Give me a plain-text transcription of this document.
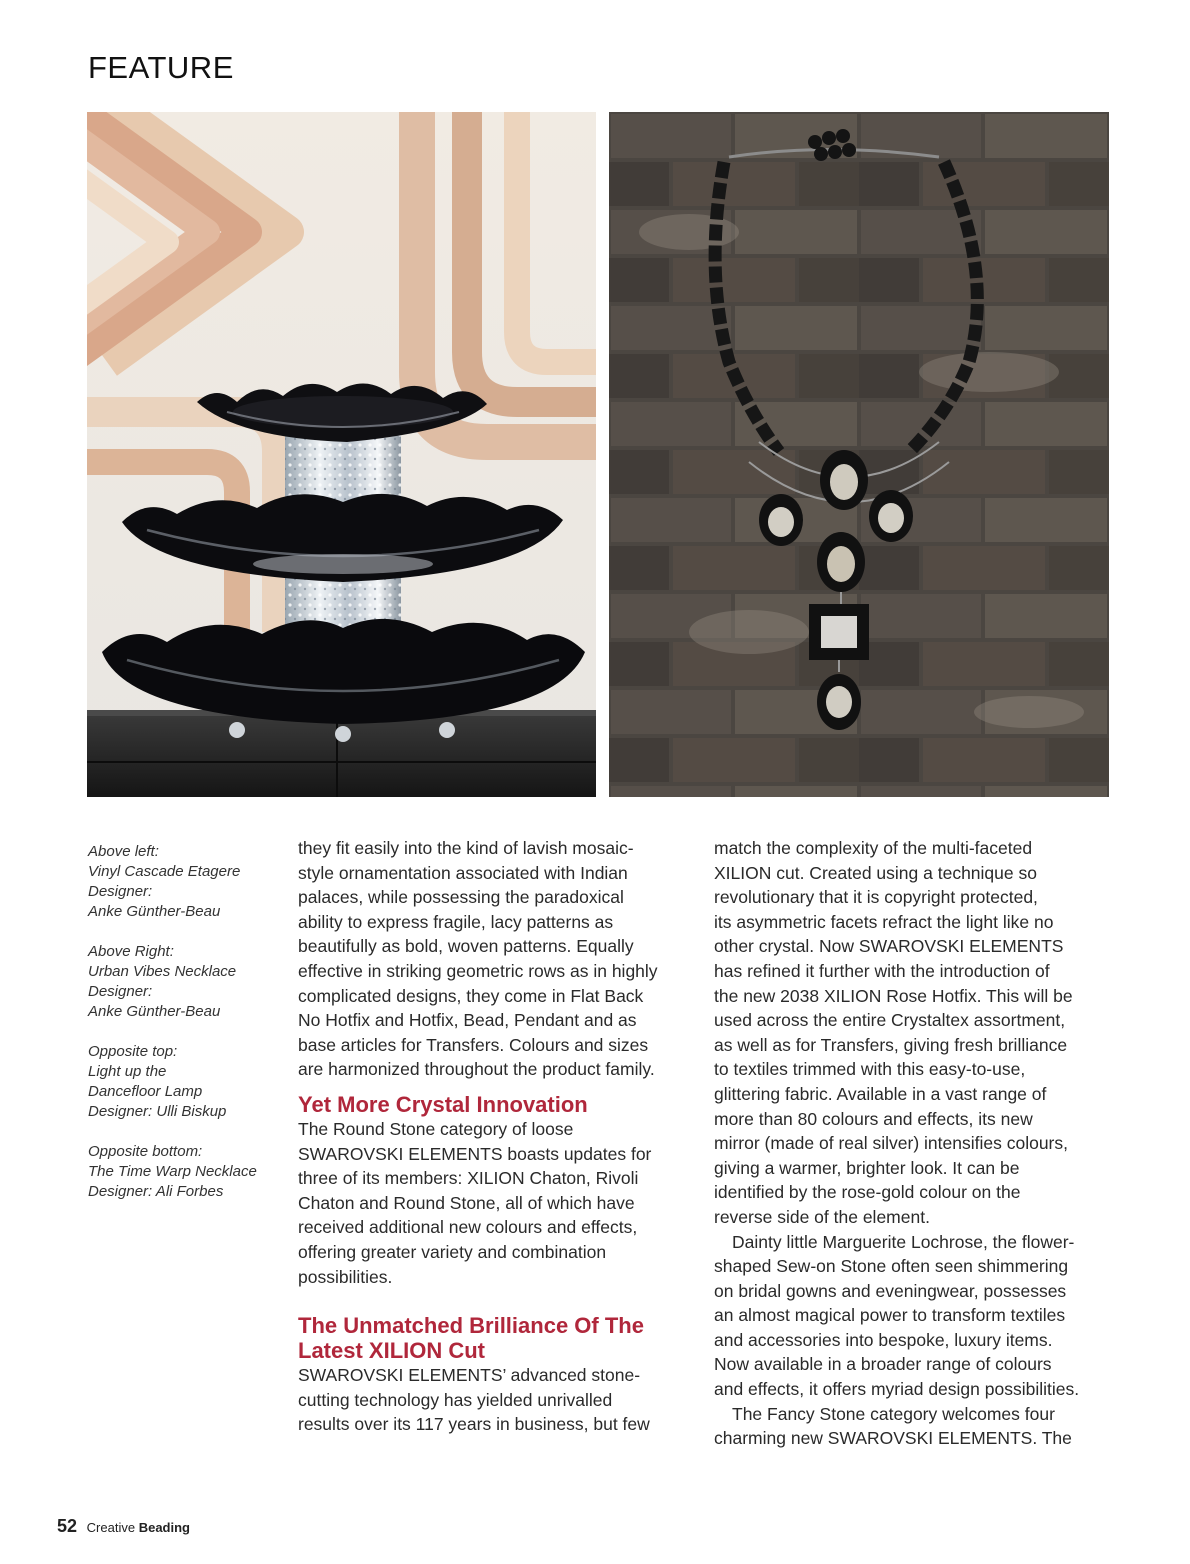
FEATURE
Above left:
Vinyl Cascade Etagere
Designer:
Anke Günther-Beau
Above Right:
Urban Vibes Necklace
Designer:
Anke Günther-Beau
Opposite top:
Light up the
Dancefloor Lamp
Designer: Ulli Biskup
Opposite bottom:
The Time Warp Necklace
Designer: Ali Forbes

they fit easily into the kind of lavish mosaic-
style ornamentation associated with Indian
palaces, while possessing the paradoxical
ability to express fragile, lacy patterns as
beautifully as bold, woven patterns. Equally
effective in striking geometric rows as in highly
complicated designs, they come in Flat Back
No Hotfix and Hotfix, Bead, Pendant and as
base articles for Transfers. Colours and sizes
are harmonized throughout the product family.

Yet More Crystal Innovation

The Round Stone category of loose
SWAROVSKI ELEMENTS boasts updates for
three of its members: XILION Chaton, Rivoli
Chaton and Round Stone, all of which have
received additional new colours and effects,
offering greater variety and combination
possibilities.

The Unmatched Brilliance Of The
Latest XILION Cut

SWAROVSKI ELEMENTS’ advanced stone-
cutting technology has yielded unrivalled
results over its 117 years in business, but few

match the complexity of the multi-faceted
XILION cut. Created using a technique so
revolutionary that it is copyright protected,
its asymmetric facets refract the light like no
other crystal. Now SWAROVSKI ELEMENTS
has refined it further with the introduction of
the new 2038 XILION Rose Hotfix. This will be
used across the entire Crystaltex assortment,
as well as for Transfers, giving fresh brilliance
to textiles trimmed with this easy-to-use,
glittering fabric. Available in a vast range of
more than 80 colours and effects, its new
mirror (made of real silver) intensifies colours,
giving a warmer, brighter look. It can be
identified by the rose-gold colour on the
reverse side of the element.

Dainty little Marguerite Lochrose, the flower-
shaped Sew-on Stone often seen shimmering
on bridal gowns and eveningwear, possesses
an almost magical power to transform textiles
and accessories into bespoke, luxury items.
Now available in a broader range of colours
and effects, it offers myriad design possibilities.

The Fancy Stone category welcomes four
charming new SWAROVSKI ELEMENTS. The

52 Creative Beading
